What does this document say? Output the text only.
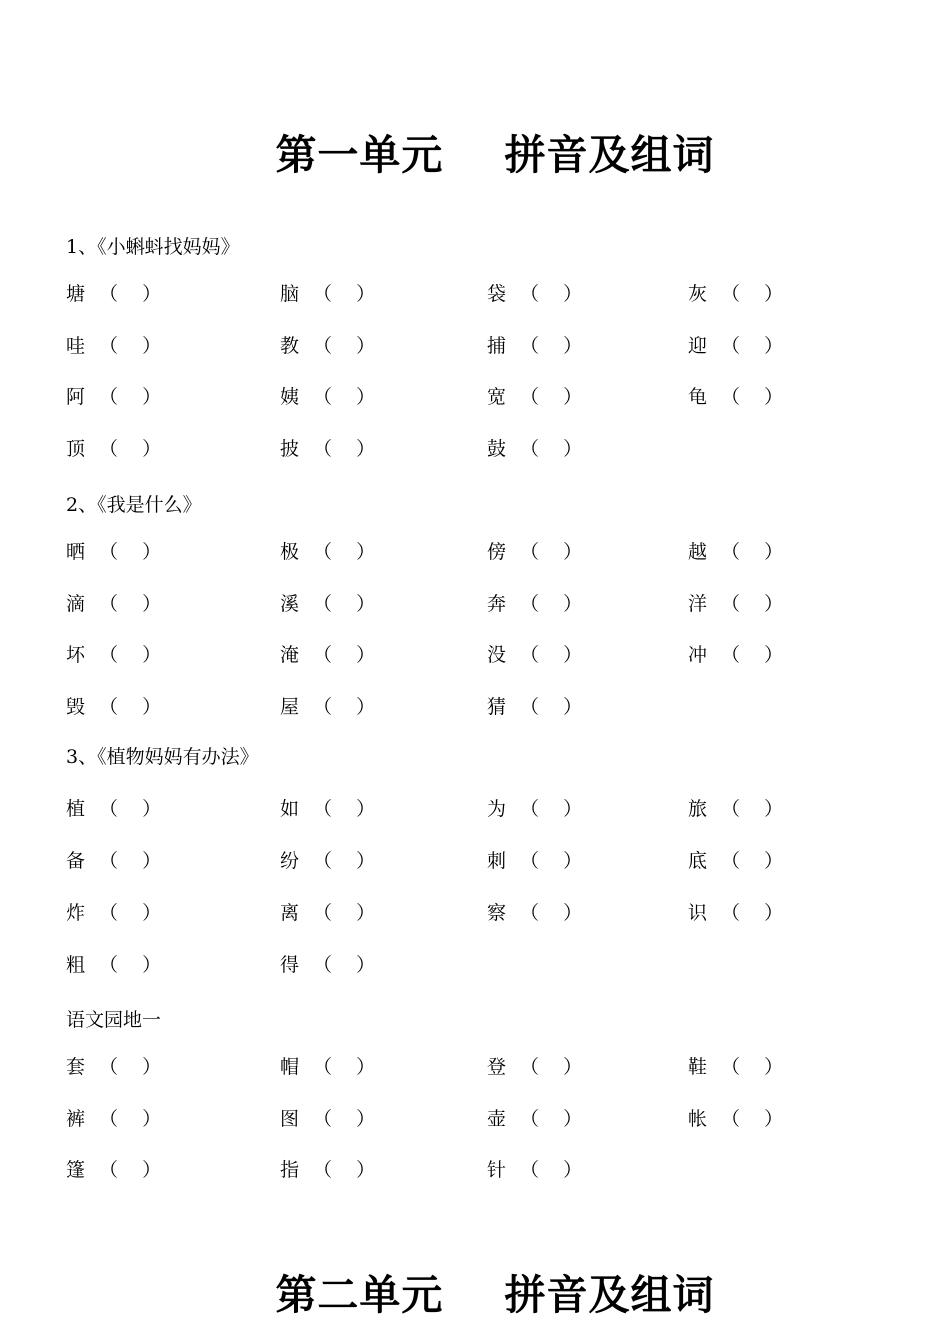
第一单元    拼音及组词
1、《小蝌蚪找妈妈》
塘 （  ）	脑 （  ）	袋 （  ）	灰 （  ）
哇 （  ）	教 （  ）	捕 （  ）	迎 （  ）
阿 （  ）	姨 （  ）	宽 （  ）	龟 （  ）
顶 （  ）	披 （  ）	鼓 （  ）
2、《我是什么》
晒 （  ）	极 （  ）	傍 （  ）	越 （  ）
滴 （  ）	溪 （  ）	奔 （  ）	洋 （  ）
坏 （  ）	淹 （  ）	没 （  ）	冲 （  ）
毁 （  ）	屋 （  ）	猜 （  ）
3、《植物妈妈有办法》
植 （  ）	如 （  ）	为 （  ）	旅 （  ）
备 （  ）	纷 （  ）	刺 （  ）	底 （  ）
炸 （  ）	离 （  ）	察 （  ）	识 （  ）
粗 （  ）	得 （  ）
语文园地一
套 （  ）	帽 （  ）	登 （  ）	鞋 （  ）
裤 （  ）	图 （  ）	壶 （  ）	帐 （  ）
篷 （  ）	指 （  ）	针 （  ）
第二单元    拼音及组词
